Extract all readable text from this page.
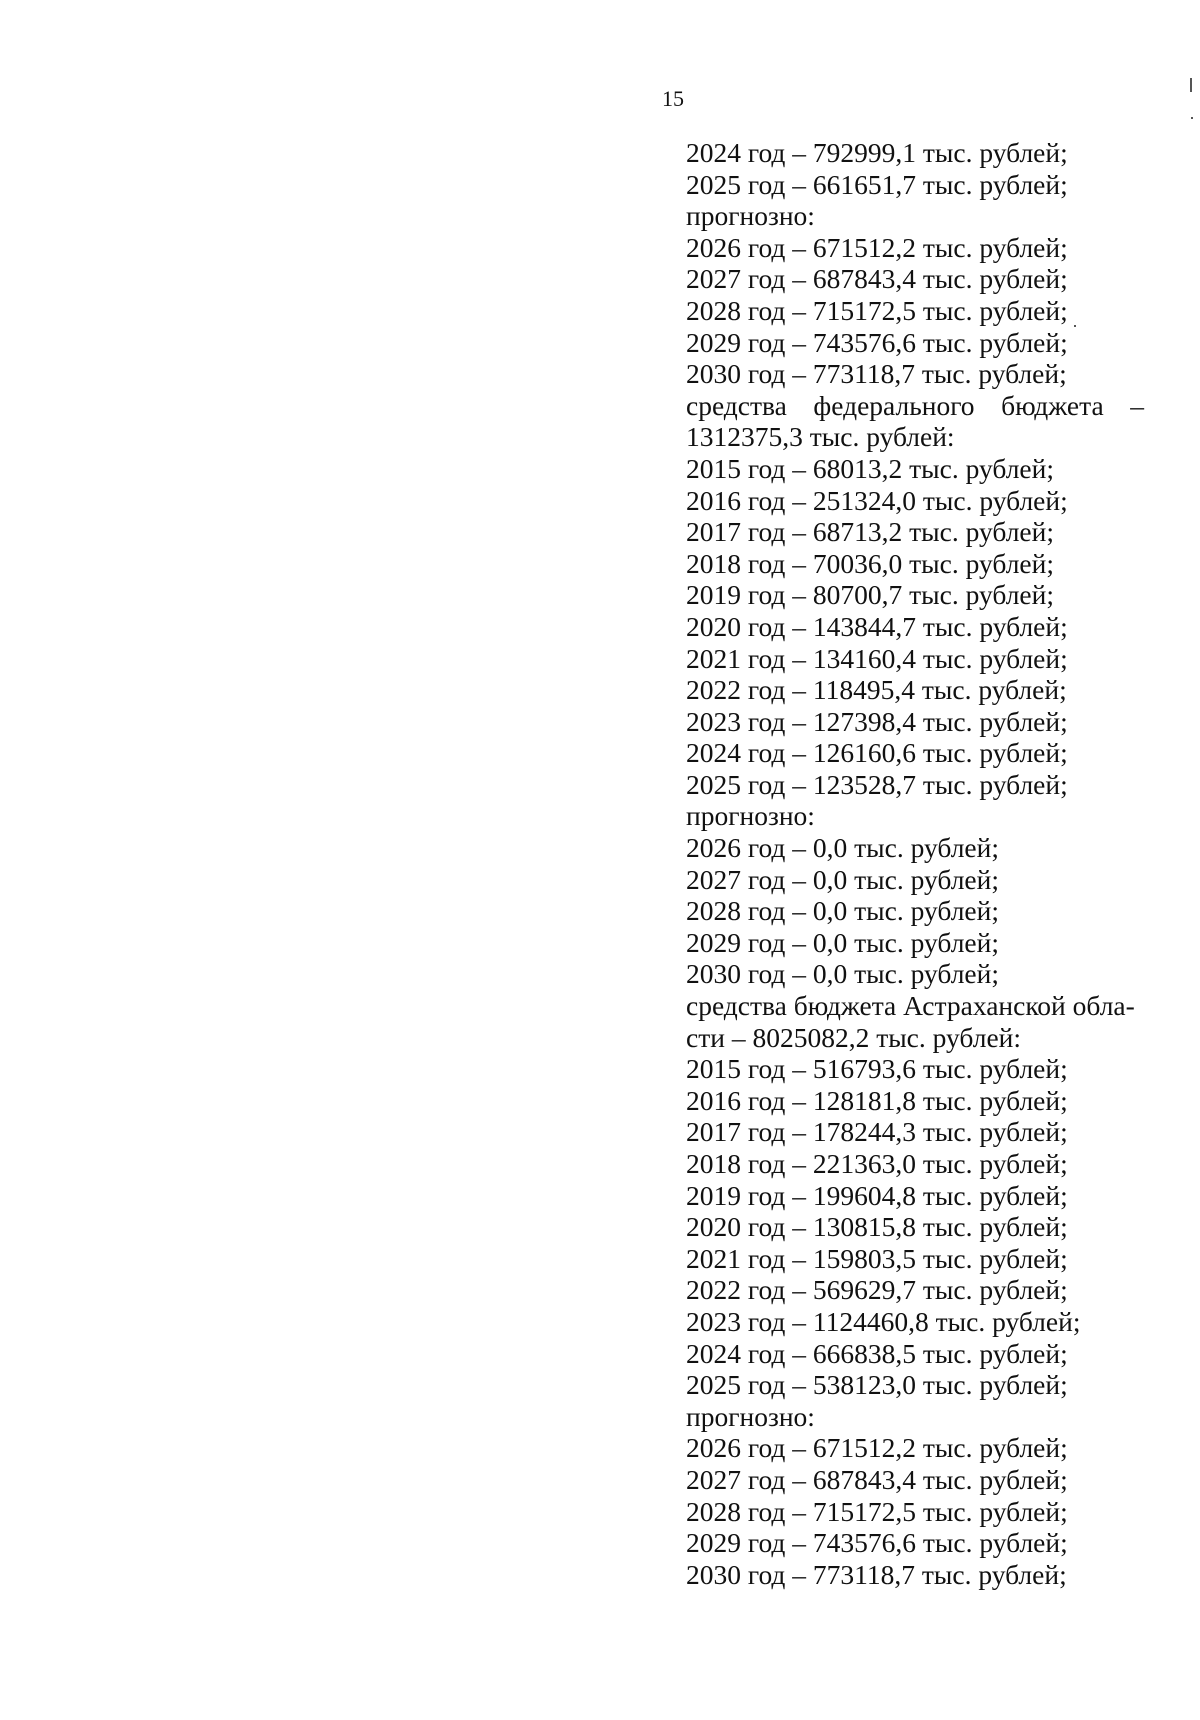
15
2024 год – 792999,1 тыс. рублей;
2025 год – 661651,7 тыс. рублей;
прогнозно:
2026 год – 671512,2 тыс. рублей;
2027 год – 687843,4 тыс. рублей;
2028 год – 715172,5 тыс. рублей;
2029 год – 743576,6 тыс. рублей;
2030 год – 773118,7 тыс. рублей;
средства федерального бюджета –
1312375,3 тыс. рублей:
2015 год – 68013,2 тыс. рублей;
2016 год – 251324,0 тыс. рублей;
2017 год – 68713,2 тыс. рублей;
2018 год – 70036,0 тыс. рублей;
2019 год – 80700,7 тыс. рублей;
2020 год – 143844,7 тыс. рублей;
2021 год – 134160,4 тыс. рублей;
2022 год – 118495,4 тыс. рублей;
2023 год – 127398,4 тыс. рублей;
2024 год – 126160,6 тыс. рублей;
2025 год – 123528,7 тыс. рублей;
прогнозно:
2026 год – 0,0 тыс. рублей;
2027 год – 0,0 тыс. рублей;
2028 год – 0,0 тыс. рублей;
2029 год – 0,0 тыс. рублей;
2030 год – 0,0 тыс. рублей;
средства бюджета Астраханской обла-
сти – 8025082,2 тыс. рублей:
2015 год – 516793,6 тыс. рублей;
2016 год – 128181,8 тыс. рублей;
2017 год – 178244,3 тыс. рублей;
2018 год – 221363,0 тыс. рублей;
2019 год – 199604,8 тыс. рублей;
2020 год – 130815,8 тыс. рублей;
2021 год – 159803,5 тыс. рублей;
2022 год – 569629,7 тыс. рублей;
2023 год – 1124460,8 тыс. рублей;
2024 год – 666838,5 тыс. рублей;
2025 год – 538123,0 тыс. рублей;
прогнозно:
2026 год – 671512,2 тыс. рублей;
2027 год – 687843,4 тыс. рублей;
2028 год – 715172,5 тыс. рублей;
2029 год – 743576,6 тыс. рублей;
2030 год – 773118,7 тыс. рублей;
